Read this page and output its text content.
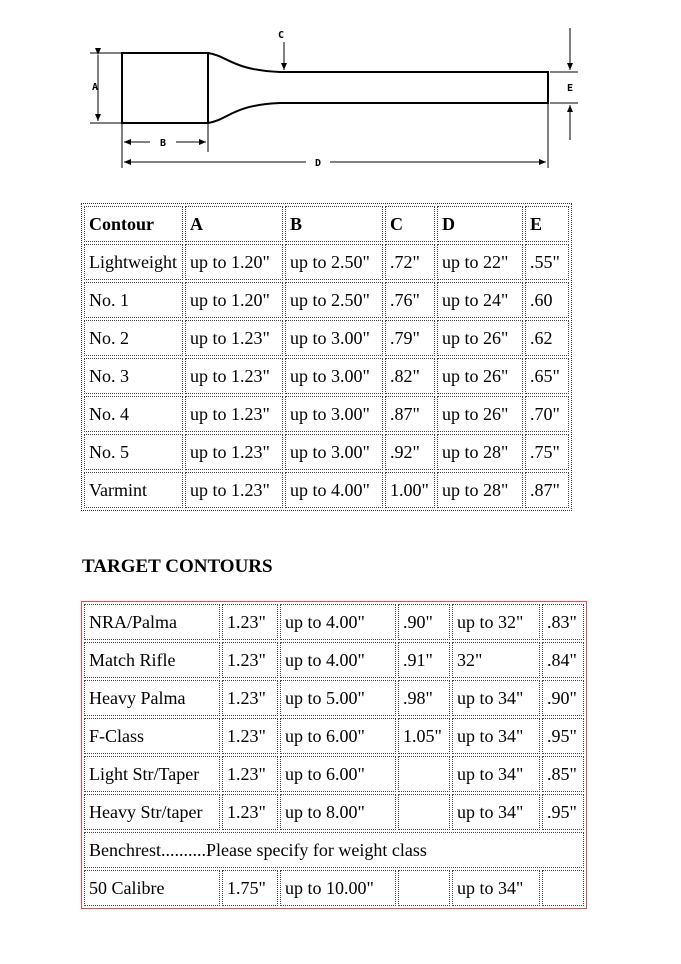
A
B
C
D
E
Contour	A	B	C	D	E
Lightweight	up to 1.20"	up to 2.50"	.72"	up to 22"	.55"
No. 1	up to 1.20"	up to 2.50"	.76"	up to 24"	.60
No. 2	up to 1.23"	up to 3.00"	.79"	up to 26"	.62
No. 3	up to 1.23"	up to 3.00"	.82"	up to 26"	.65"
No. 4	up to 1.23"	up to 3.00"	.87"	up to 26"	.70"
No. 5	up to 1.23"	up to 3.00"	.92"	up to 28"	.75"
Varmint	up to 1.23"	up to 4.00"	1.00"	up to 28"	.87"
TARGET CONTOURS
NRA/Palma	1.23"	up to 4.00"	.90"	up to 32"	.83"
Match Rifle	1.23"	up to 4.00"	.91"	32"	.84"
Heavy Palma	1.23"	up to 5.00"	.98"	up to 34"	.90"
F-Class	1.23"	up to 6.00"	1.05"	up to 34"	.95"
Light Str/Taper	1.23"	up to 6.00"		up to 34"	.85"
Heavy Str/taper	1.23"	up to 8.00"		up to 34"	.95"
Benchrest..........Please specify for weight class					
50 Calibre	1.75"	up to 10.00"		up to 34"	
